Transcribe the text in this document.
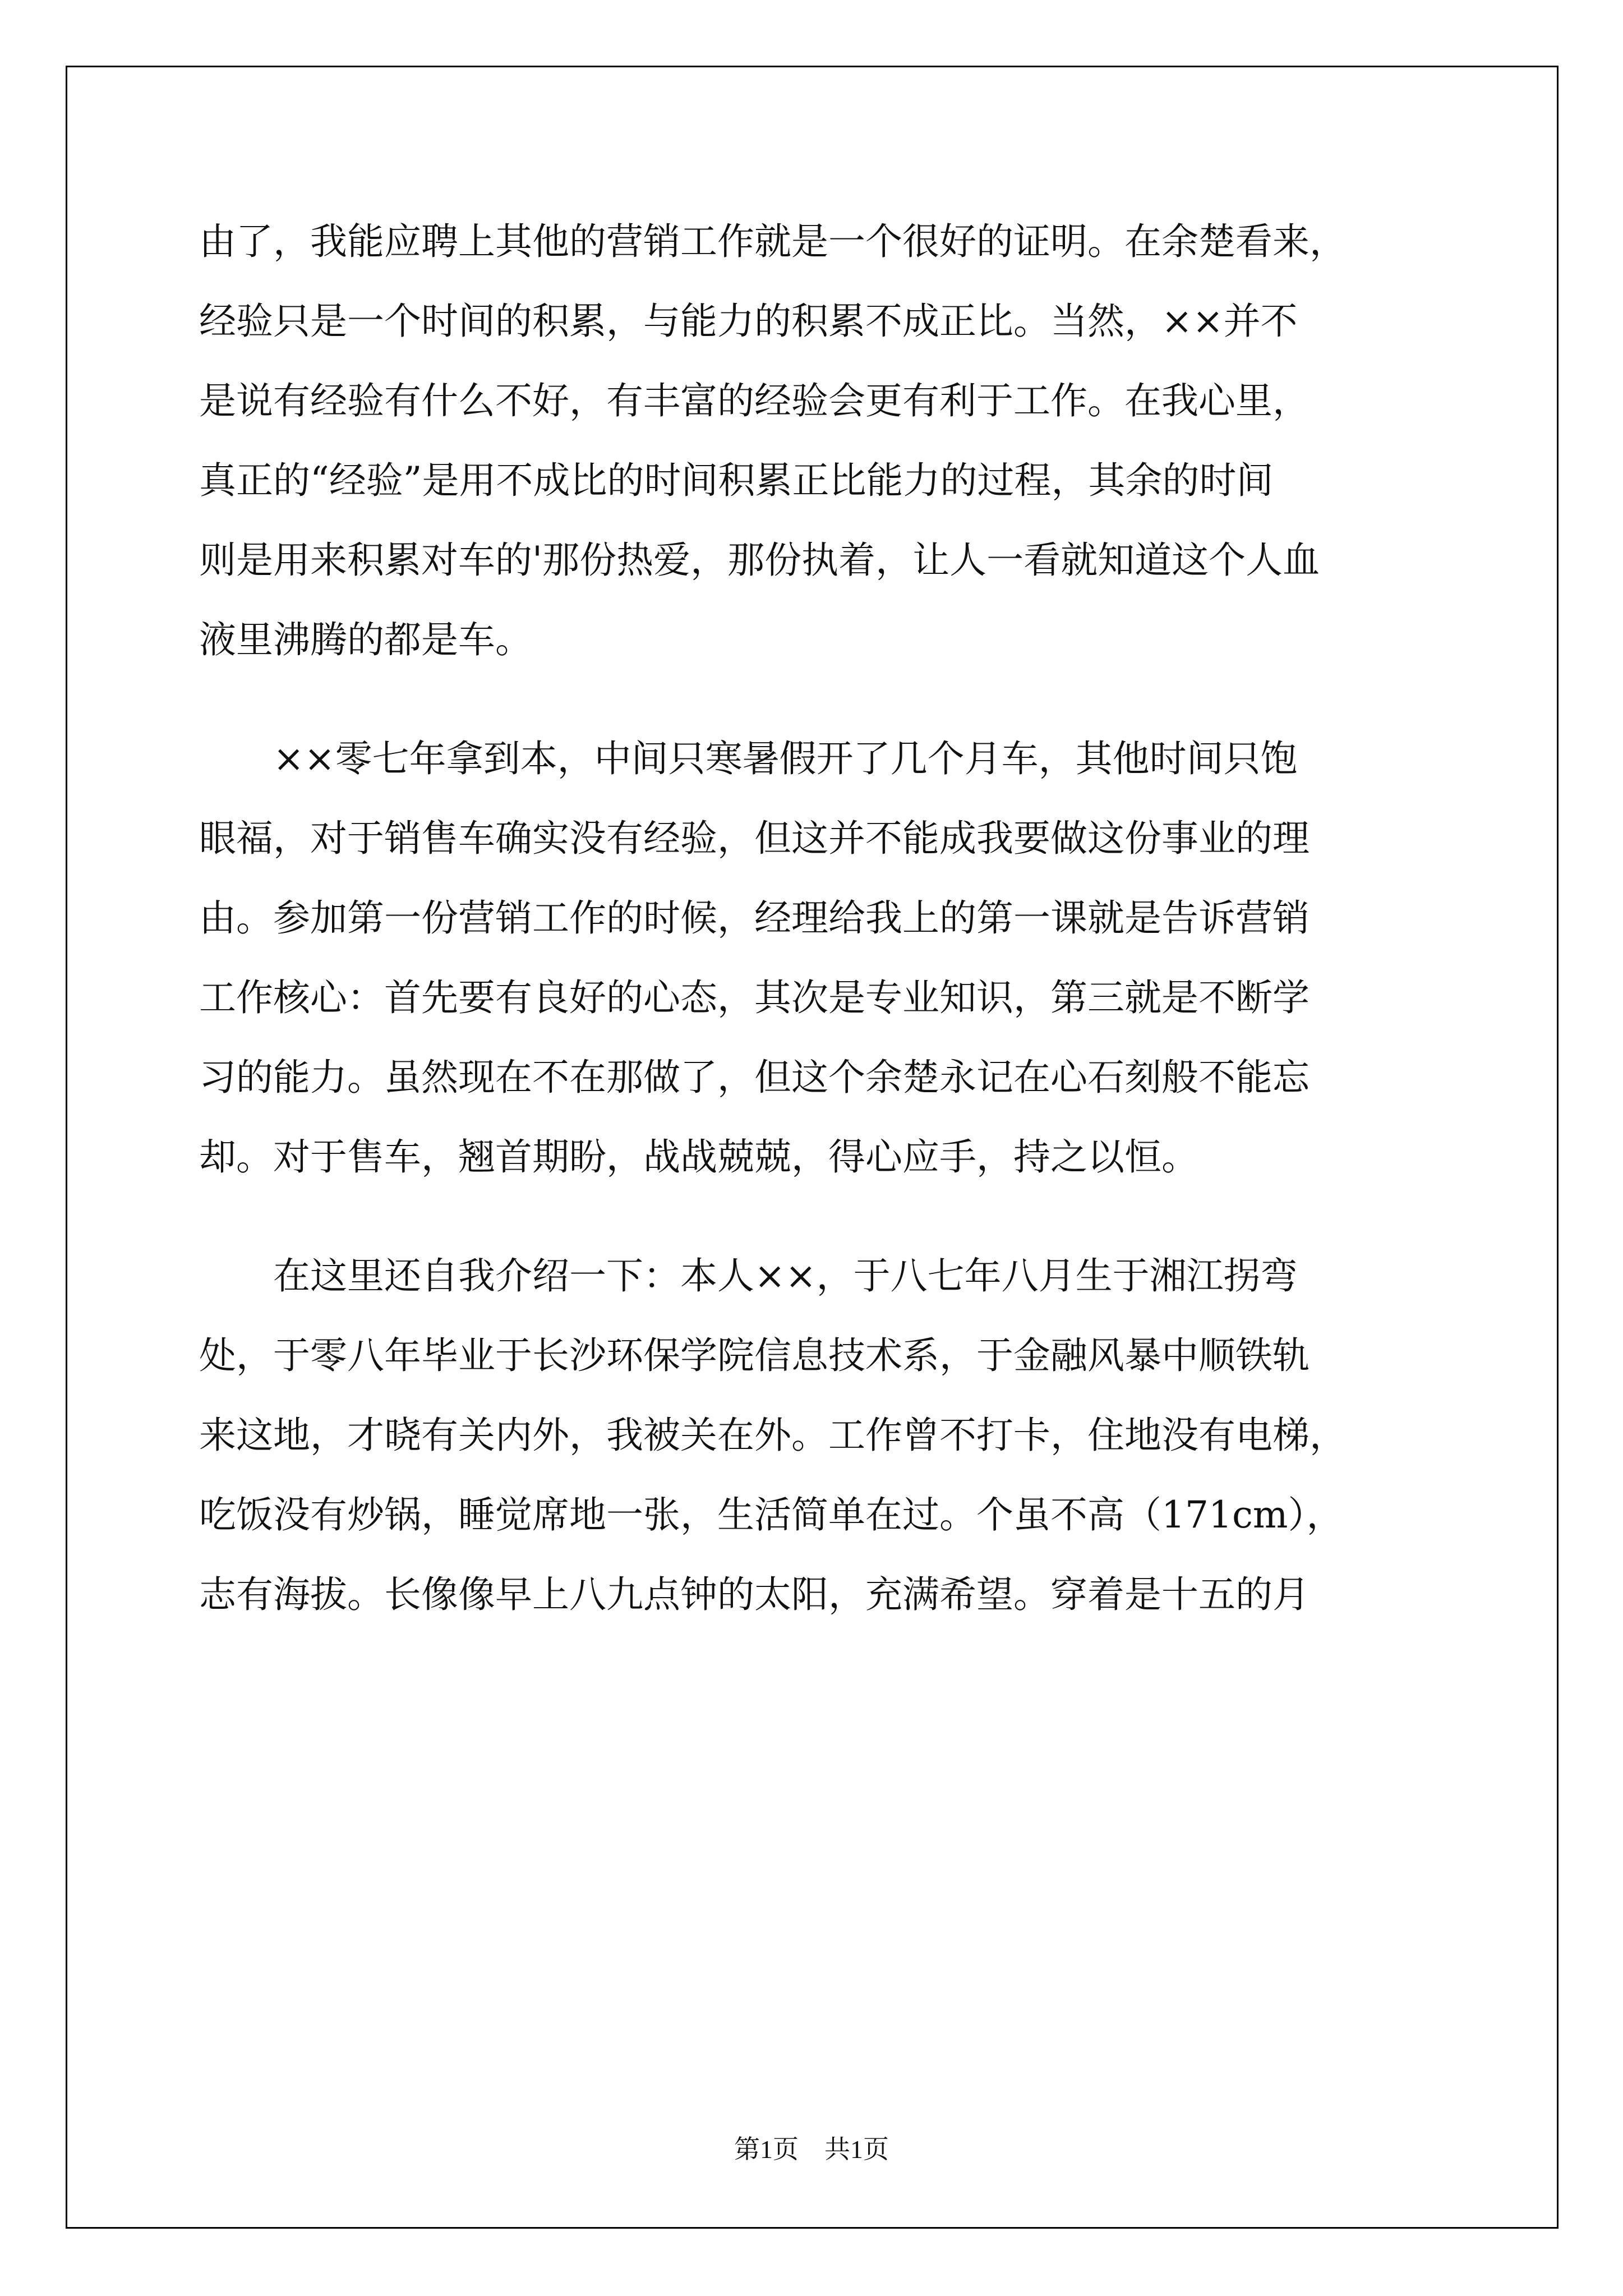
由了，我能应聘上其他的营销工作就是一个很好的证明。在余楚看来，
经验只是一个时间的积累，与能力的积累不成正比。当然，××并不
是说有经验有什么不好，有丰富的经验会更有利于工作。在我心里，
真正的“经验”是用不成比的时间积累正比能力的过程，其余的时间
则是用来积累对车的'那份热爱，那份执着，让人一看就知道这个人血
液里沸腾的都是车。
　　××零七年拿到本，中间只寒暑假开了几个月车，其他时间只饱
眼福，对于销售车确实没有经验，但这并不能成我要做这份事业的理
由。参加第一份营销工作的时候，经理给我上的第一课就是告诉营销
工作核心：首先要有良好的心态，其次是专业知识，第三就是不断学
习的能力。虽然现在不在那做了，但这个余楚永记在心石刻般不能忘
却。对于售车，翘首期盼，战战兢兢，得心应手，持之以恒。
　　在这里还自我介绍一下：本人××，于八七年八月生于湘江拐弯
处，于零八年毕业于长沙环保学院信息技术系，于金融风暴中顺铁轨
来这地，才晓有关内外，我被关在外。工作曾不打卡，住地没有电梯，
吃饭没有炒锅，睡觉席地一张，生活简单在过。个虽不高（171cm），
志有海拔。长像像早上八九点钟的太阳，充满希望。穿着是十五的月
第1页　共1页
